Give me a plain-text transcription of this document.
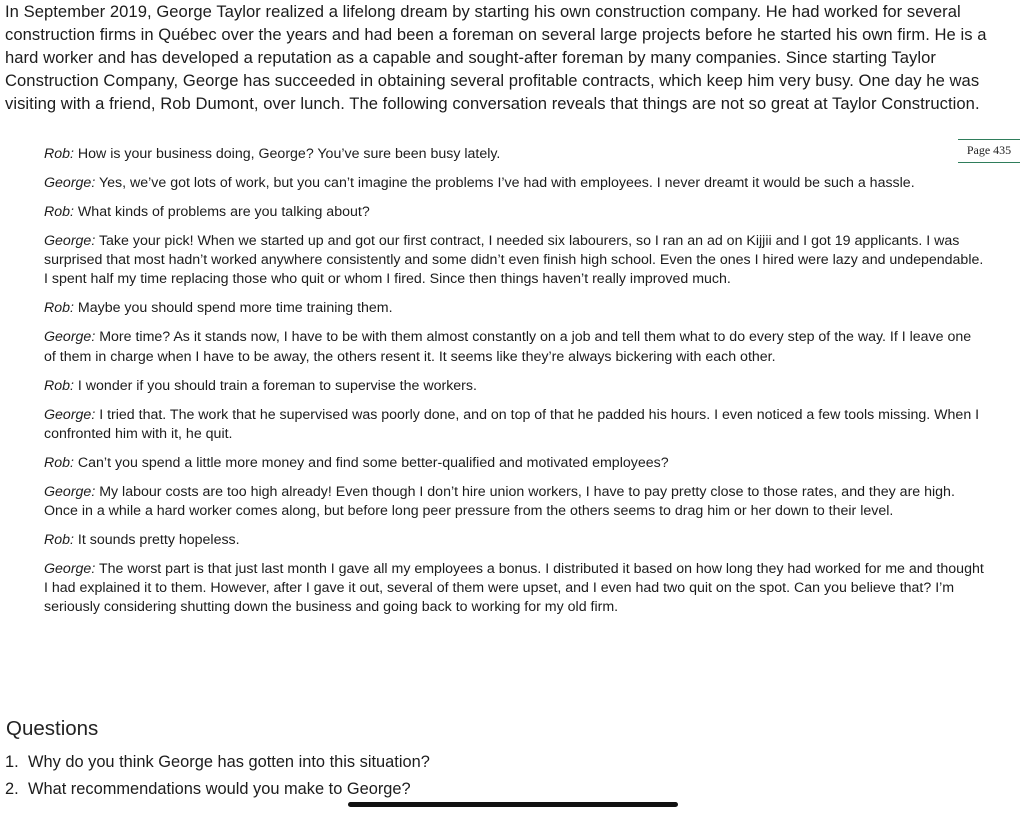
In September 2019, George Taylor realized a lifelong dream by starting his own construction company. He had worked for several construction firms in Québec over the years and had been a foreman on several large projects before he started his own firm. He is a hard worker and has developed a reputation as a capable and sought-after foreman by many companies. Since starting Taylor Construction Company, George has succeeded in obtaining several profitable contracts, which keep him very busy. One day he was visiting with a friend, Rob Dumont, over lunch. The following conversation reveals that things are not so great at Taylor Construction.

Page 435

Rob: How is your business doing, George? You’ve sure been busy lately.

George: Yes, we’ve got lots of work, but you can’t imagine the problems I’ve had with employees. I never dreamt it would be such a hassle.

Rob: What kinds of problems are you talking about?

George: Take your pick! When we started up and got our first contract, I needed six labourers, so I ran an ad on Kijjii and I got 19 applicants. I was surprised that most hadn’t worked anywhere consistently and some didn’t even finish high school. Even the ones I hired were lazy and undependable. I spent half my time replacing those who quit or whom I fired. Since then things haven’t really improved much.

Rob: Maybe you should spend more time training them.

George: More time? As it stands now, I have to be with them almost constantly on a job and tell them what to do every step of the way. If I leave one of them in charge when I have to be away, the others resent it. It seems like they’re always bickering with each other.

Rob: I wonder if you should train a foreman to supervise the workers.

George: I tried that. The work that he supervised was poorly done, and on top of that he padded his hours. I even noticed a few tools missing. When I confronted him with it, he quit.

Rob: Can’t you spend a little more money and find some better-qualified and motivated employees?

George: My labour costs are too high already! Even though I don’t hire union workers, I have to pay pretty close to those rates, and they are high. Once in a while a hard worker comes along, but before long peer pressure from the others seems to drag him or her down to their level.

Rob: It sounds pretty hopeless.

George: The worst part is that just last month I gave all my employees a bonus. I distributed it based on how long they had worked for me and thought I had explained it to them. However, after I gave it out, several of them were upset, and I even had two quit on the spot. Can you believe that? I’m seriously considering shutting down the business and going back to working for my old firm.

Questions
1. Why do you think George has gotten into this situation?
2. What recommendations would you make to George?
